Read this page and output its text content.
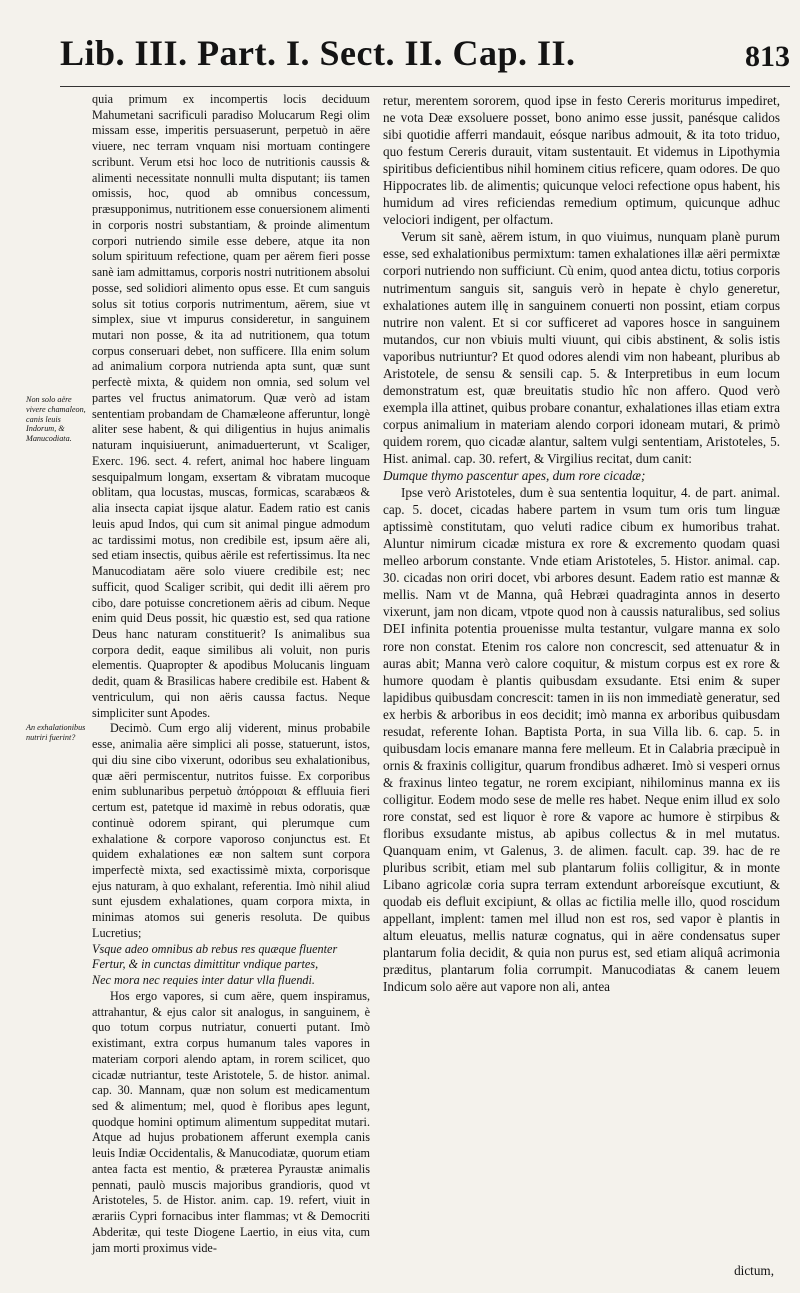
Lib. III. Part. I. Sect. II. Cap. II.	813
Non solo aëre vivere chamaleon, canis leuis Indorum, & Manucodiata.
An exhalationibus nutriri fuerint?

quia primum ex incompertis locis deciduum Mahumetani sacrificuli paradiso Molucarum Regi olim missam esse, imperitis persuaserunt, perpetuò in aëre viuere, nec terram vnquam nisi mortuam contingere scribunt. Verum etsi hoc loco de nutritionis caussis & alimenti necessitate nonnulli multa disputant; iis tamen omissis, hoc, quod ab omnibus concessum, præsupponimus, nutritionem esse conuersionem alimenti in corporis nostri substantiam, & proinde alimentum corpori nutriendo simile esse debere, atque ita non solum spirituum refectione, quam per aërem fieri posse sanè iam admittamus, corporis nostri nutritionem absolui posse, sed solidiori alimento opus esse. Et cum sanguis solus sit totius corporis nutrimentum, aërem, siue vt simplex, siue vt impurus consideretur, in sanguinem mutari non posse, & ita ad nutritionem, qua totum corpus conseruari debet, non sufficere. Illa enim solum ad animalium corpora nutrienda apta sunt, quæ sunt perfectè mixta, & quidem non omnia, sed solum vel partes vel fructus animatorum. Quæ verò ad istam sententiam probandam de Chamæleone afferuntur, longè aliter sese habent, & qui diligentius in hujus animalis naturam inquisiuerunt, animaduerterunt, vt Scaliger, Exerc. 196. sect. 4. refert, animal hoc habere linguam sesquipalmum longam, exsertam & vibratam mucoque oblitam, qua locustas, muscas, formicas, scarabæos & alia insecta capiat ijsque alatur. Eadem ratio est canis leuis apud Indos, qui cum sit animal pingue admodum ac tardissimi motus, non credibile est, ipsum aëre ali, sed etiam insectis, quibus aërile est refertissimus. Ita nec Manucodiatam aëre solo viuere credibile est; nec sufficit, quod Scaliger scribit, qui dedit illi aërem pro cibo, dare potuisse concretionem aëris ad cibum. Neque enim quid Deus possit, hic quæstio est, sed qua ratione Deus hanc naturam constituerit? Is animalibus sua corpora dedit, eaque similibus ali voluit, non puris elementis. Quapropter & apodibus Molucanis linguam dedit, quam & Brasilicas habere credibile est. Habent & ventriculum, qui non aëris caussa factus. Neque simpliciter sunt Apodes.

Decimò. Cum ergo alij viderent, minus probabile esse, animalia aëre simplici ali posse, statuerunt, istos, qui diu sine cibo vixerunt, odoribus seu exhalationibus, quæ aëri permiscentur, nutritos fuisse. Ex corporibus enim sublunaribus perpetuò ἀπόρροιαι & effluuia fieri certum est, patetque id maximè in rebus odoratis, quæ continuè odorem spirant, qui plerumque cum exhalatione & corpore vaporoso conjunctus est. Et quidem exhalationes eæ non saltem sunt corpora imperfectè mixta, sed exactissimè mixta, corporisque ejus naturam, à quo exhalant, referentia. Imò nihil aliud sunt ejusdem exhalationes, quam corpora mixta, in minimas atomos sui generis resoluta. De quibus Lucretius;

Vsque adeo omnibus ab rebus res quæque fluenter
Fertur, & in cunctas dimittitur vndique partes,
Nec mora nec requies inter datur vlla fluendi.

Hos ergo vapores, si cum aëre, quem inspiramus, attrahantur, & ejus calor sit analogus, in sanguinem, è quo totum corpus nutriatur, conuerti putant. Imò existimant, extra corpus humanum tales vapores in materiam corpori alendo aptam, in rorem scilicet, quo cicadæ nutriantur, teste Aristotele, 5. de histor. animal. cap. 30. Mannam, quæ non solum est medicamentum sed & alimentum; mel, quod è floribus apes legunt, quodque homini optimum alimentum suppeditat mutari. Atque ad hujus probationem afferunt exempla canis leuis Indiæ Occidentalis, & Manucodiatæ, quorum etiam antea facta est mentio, & præterea Pyraustæ animalis pennati, paulò muscis majoribus grandioris, quod vt Aristoteles, 5. de Histor. anim. cap. 19. refert, viuit in ærariis Cypri fornacibus inter flammas; vt & Democriti Abderitæ, qui teste Diogene Laertio, in eius vita, cum jam morti proximus vide-

retur, merentem sororem, quod ipse in festo Cereris moriturus impediret, ne vota Deæ exsoluere posset, bono animo esse jussit, panésque calidos sibi quotidie afferri mandauit, eósque naribus admouit, & ita toto triduo, quo festum Cereris durauit, vitam sustentauit. Et videmus in Lipothymia spiritibus deficientibus nihil hominem citius reficere, quam odores. De quo Hippocrates lib. de alimentis; quicunque veloci refectione opus habent, his humidum ad vires reficiendas remedium optimum, quicunque adhuc velociori indigent, per olfactum.

Verum sit sanè, aërem istum, in quo viuimus, nunquam planè purum esse, sed exhalationibus permixtum: tamen exhalationes illæ aëri permixtæ corpori nutriendo non sufficiunt. Cù enim, quod antea dictu, totius corporis nutrimentum sanguis sit, sanguis verò in hepate è chylo generetur, exhalationes autem illę in sanguinem conuerti non possint, etiam corpus nutrire non valent. Et si cor sufficeret ad vapores hosce in sanguinem mutandos, cur non vbiuis multi viuunt, qui cibis abstinent, & solis istis vaporibus nutriuntur? Et quod odores alendi vim non habeant, pluribus ab Aristotele, de sensu & sensili cap. 5. & Interpretibus in eum locum demonstratum est, quæ breuitatis studio hîc non affero. Quod verò exempla illa attinet, quibus probare conantur, exhalationes illas etiam extra corpus animalium in materiam alendo corpori idoneam mutari, & primò quidem rorem, quo cicadæ alantur, saltem vulgi sententiam, Aristoteles, 5. Hist. animal. cap. 30. refert, & Virgilius recitat, dum canit:

Dumque thymo pascentur apes, dum rore cicadæ;

Ipse verò Aristoteles, dum è sua sententia loquitur, 4. de part. animal. cap. 5. docet, cicadas habere partem in vsum tum oris tum linguæ aptissimè constitutam, quo veluti radice cibum ex humoribus trahat. Aluntur nimirum cicadæ mistura ex rore & excremento quodam quasi melleo arborum constante. Vnde etiam Aristoteles, 5. Histor. animal. cap. 30. cicadas non oriri docet, vbi arbores desunt. Eadem ratio est mannæ & mellis. Nam vt de Manna, quâ Hebræi quadraginta annos in deserto vixerunt, jam non dicam, vtpote quod non à caussis naturalibus, sed solius DEI infinita potentia prouenisse multa testantur, vulgare manna ex solo rore non constat. Etenim ros calore non concrescit, sed attenuatur & in auras abit; Manna verò calore coquitur, & mistum corpus est ex rore & humore quodam è plantis quibusdam exsudante. Etsi enim & super lapidibus quibusdam concrescit: tamen in iis non immediatè generatur, sed ex herbis & arboribus in eos decidit; imò manna ex arboribus quibusdam resudat, referente Iohan. Baptista Porta, in sua Villa lib. 6. cap. 5. in quibusdam locis emanare manna fere melleum. Et in Calabria præcipuè in ornis & fraxinis colligitur, quarum frondibus adhæret. Imò si vesperi ornus & fraxinus linteo tegatur, ne rorem excipiant, nihilominus manna ex iis colligitur. Eodem modo sese de melle res habet. Neque enim illud ex solo rore constat, sed est liquor è rore & vapore ac humore è stirpibus & floribus exsudante mistus, ab apibus collectus & in mel mutatus. Quanquam enim, vt Galenus, 3. de alimen. facult. cap. 39. hac de re pluribus scribit, etiam mel sub plantarum foliis colligitur, & in monte Libano agricolæ coria supra terram extendunt arboreísque excutiunt, & quodab eis defluit excipiunt, & ollas ac fictilia melle illo, quod roscidum appellant, implent: tamen mel illud non est ros, sed vapor è plantis in altum eleuatus, mellis naturæ cognatus, qui in aëre condensatus super plantarum folia decidit, & quia non purus est, sed etiam aliquâ acrimonia præditus, plantarum folia corrumpit. Manucodiatas & canem leuem Indicum solo aëre aut vapore non ali, antea

dictum,
